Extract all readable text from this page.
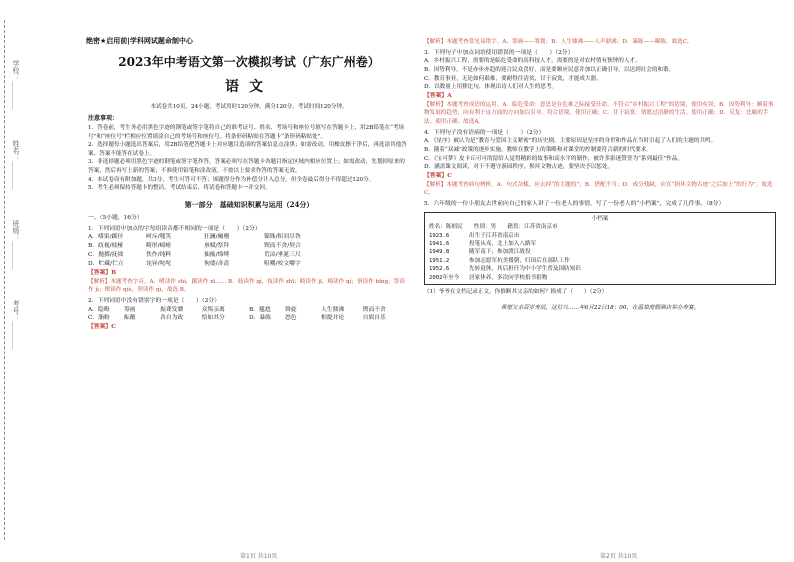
学校：________
姓名：________
班级：________
考号：________
绝密★启用前|学科网试题命制中心

2023年中考语文第一次模拟考试（广东广州卷）

语文

本试卷共10页，24小题，考试用时120分钟。满分120分。考试时间120分钟。

注意事项：

1．答卷前，考生务必用黑色字迹的钢笔或签字笔将自己的准考证号、姓名、考场号和座位号填写在答题卡上，用2B铅笔在“考场号”和“座位号”栏相应位置填涂自己的考场号和座位号。将条形码粘贴在答题卡“条形码粘贴处”。

2．选择题每小题选出答案后，用2B铅笔把答题卡上对应题目选项的答案信息点涂黑；如需改动，用橡皮擦干净后，再选涂其他答案。答案不能答在试卷上。

3．非选择题必须用黑色字迹的钢笔或签字笔作答，答案必须写在答题卡各题目指定区域内相应位置上；如需改动，先划掉原来的答案，然后再写上新的答案；不准使用铅笔和涂改液。不按以上要求作答的答案无效。

4．本试卷设有附加题，共3分，考生可答可不答；该题得分作为补偿分计入总分，但全卷最后得分不得超过120分。

5．考生必须保持答题卡的整洁。考试结束后，将试卷和答题卡一并交回。

第一部分　基础知识积累与运用（24分）

一、（5小题，16分）

1．下列词语中加点的字每组读音都不相同的一项是（　　）（2分）

A．嗜果/蹊径	呵斥/嗤笑	狂澜/阑珊	锱铢/积羽尽咎
B．歧视/枝桠	畸形/崎岖	禀赋/祭拜	锲而不舍/契合
C．抛掷/抚拙	佚作/纯粹	抽搐/绵缚	荒凉/垂涎三尺
D．贮藏/伫立	诧异/咤咤	佝偻/吝啬	咀嚼/咬文嚼字

【答案】B

【解析】本题考查字音。A．嗜读作 shì，蹊读作 xī…… B．歧读作 qí，枝读作 zhī；畸读作 jī，崎读作 qí；禀读作 bǐng，祭读作 jì；锲读作 qiè，契读作 qì，故选 B。

2．下列词语中没有错别字的一项是（　　）（2分）

A．隐晦	筹画	振聋发聩	众叛亲离	B．尴尬	斡旋	人生鼎沸	锲而不舍
C．脂粉	酝酿	各自为政	恰如其分	D．暴陈	怒色	相提并论	自娱自乐

【答案】C

【解析】本题考查常见易错字。A．筹画——筹划；B．人生鼎沸——人声鼎沸；D．暴陈——曝陈。故选C。

3．下列句子中加点词语使用错误的一项是（　　）（2分）

A．乡村振兴工程，需要的是临危受命的高科技人才，需要的是对农村情有独钟的人才。

B．因势利导，不是亦步亦趋的迎合民众喜好，而是要顺应民意并加以正确引导，以达到社会的和谐。

C．教育事业，无论如何艰难，要耐得住清贫，甘于寂寞，才能成大器。

D．以数量上用排比句，体现出诗人们对人生的思考。

【答案】A

【解析】本题考查成语的运用。A．临危受命：意思是在危难之际接受任命。不符合“乡村振兴工程”的语境，使用有误；B．因势利导：顺着事物发展的趋势，向有利于这方面的方向加以引导。符合语境，使用正确；C．甘于寂寞：情愿过清静的生活。使用正确；D．反复：比喻的手法。使用正确。故选A。

4．下列句子没有语病的一项是（　　）（2分）

A．《星序》被认为是“教育与爱国主义紧密”的历史剧，主要原因是星序的身世和作品在当时引起了人们的主题的共鸣。

B．随着“双减”政策的逐步实施，教师在教学上的策略和对课堂的控制要符合新的时代要求。

C．《宝可梦》皮卡丘可可的留给人觉得精彩的故事和高水平的制作，被许多影迷赞誉为“系列最佳”作品。

D．涵盖课文阅读，对于不遵守游园秩序，损坏文物古迹，要坚决予以惩处。

【答案】C

【解析】本题考查病句辨析。A．句式杂糅，应去掉“的主题的”；B．搭配不当；D．成分残缺，应在“损坏文物古迹”之后加上“的行为”。故选C。

5．六年级的一位小朋友去世前向自己的家人讲了一位老人的事情，写了一份老人的“小档案”，完成了几件事。（8分）

小档案
姓名：陈炳民　　性别：男　　籍贯：江苏省南京市
1923.6	出生于江苏省南京市
1941.6	投笔从戎，北上加入八路军
1949.8	随军南下，参加渡江战役
1951.2	参加志愿军抗美援朝，归国后在部队工作
1952.6	先转退休，其后担任为中小学生普及国防知识
2002年至今	居家休养，多次向学校捐书捐物

（1）爷爷在文档记录正文，你推断其父亲的如何？换成了（　　）（2分）

希望父亲百岁寿辰，这位兴……年6月22日18：00，在温泉度假酒店举办寿宴。

第1页 共10页	第2页 共10页
